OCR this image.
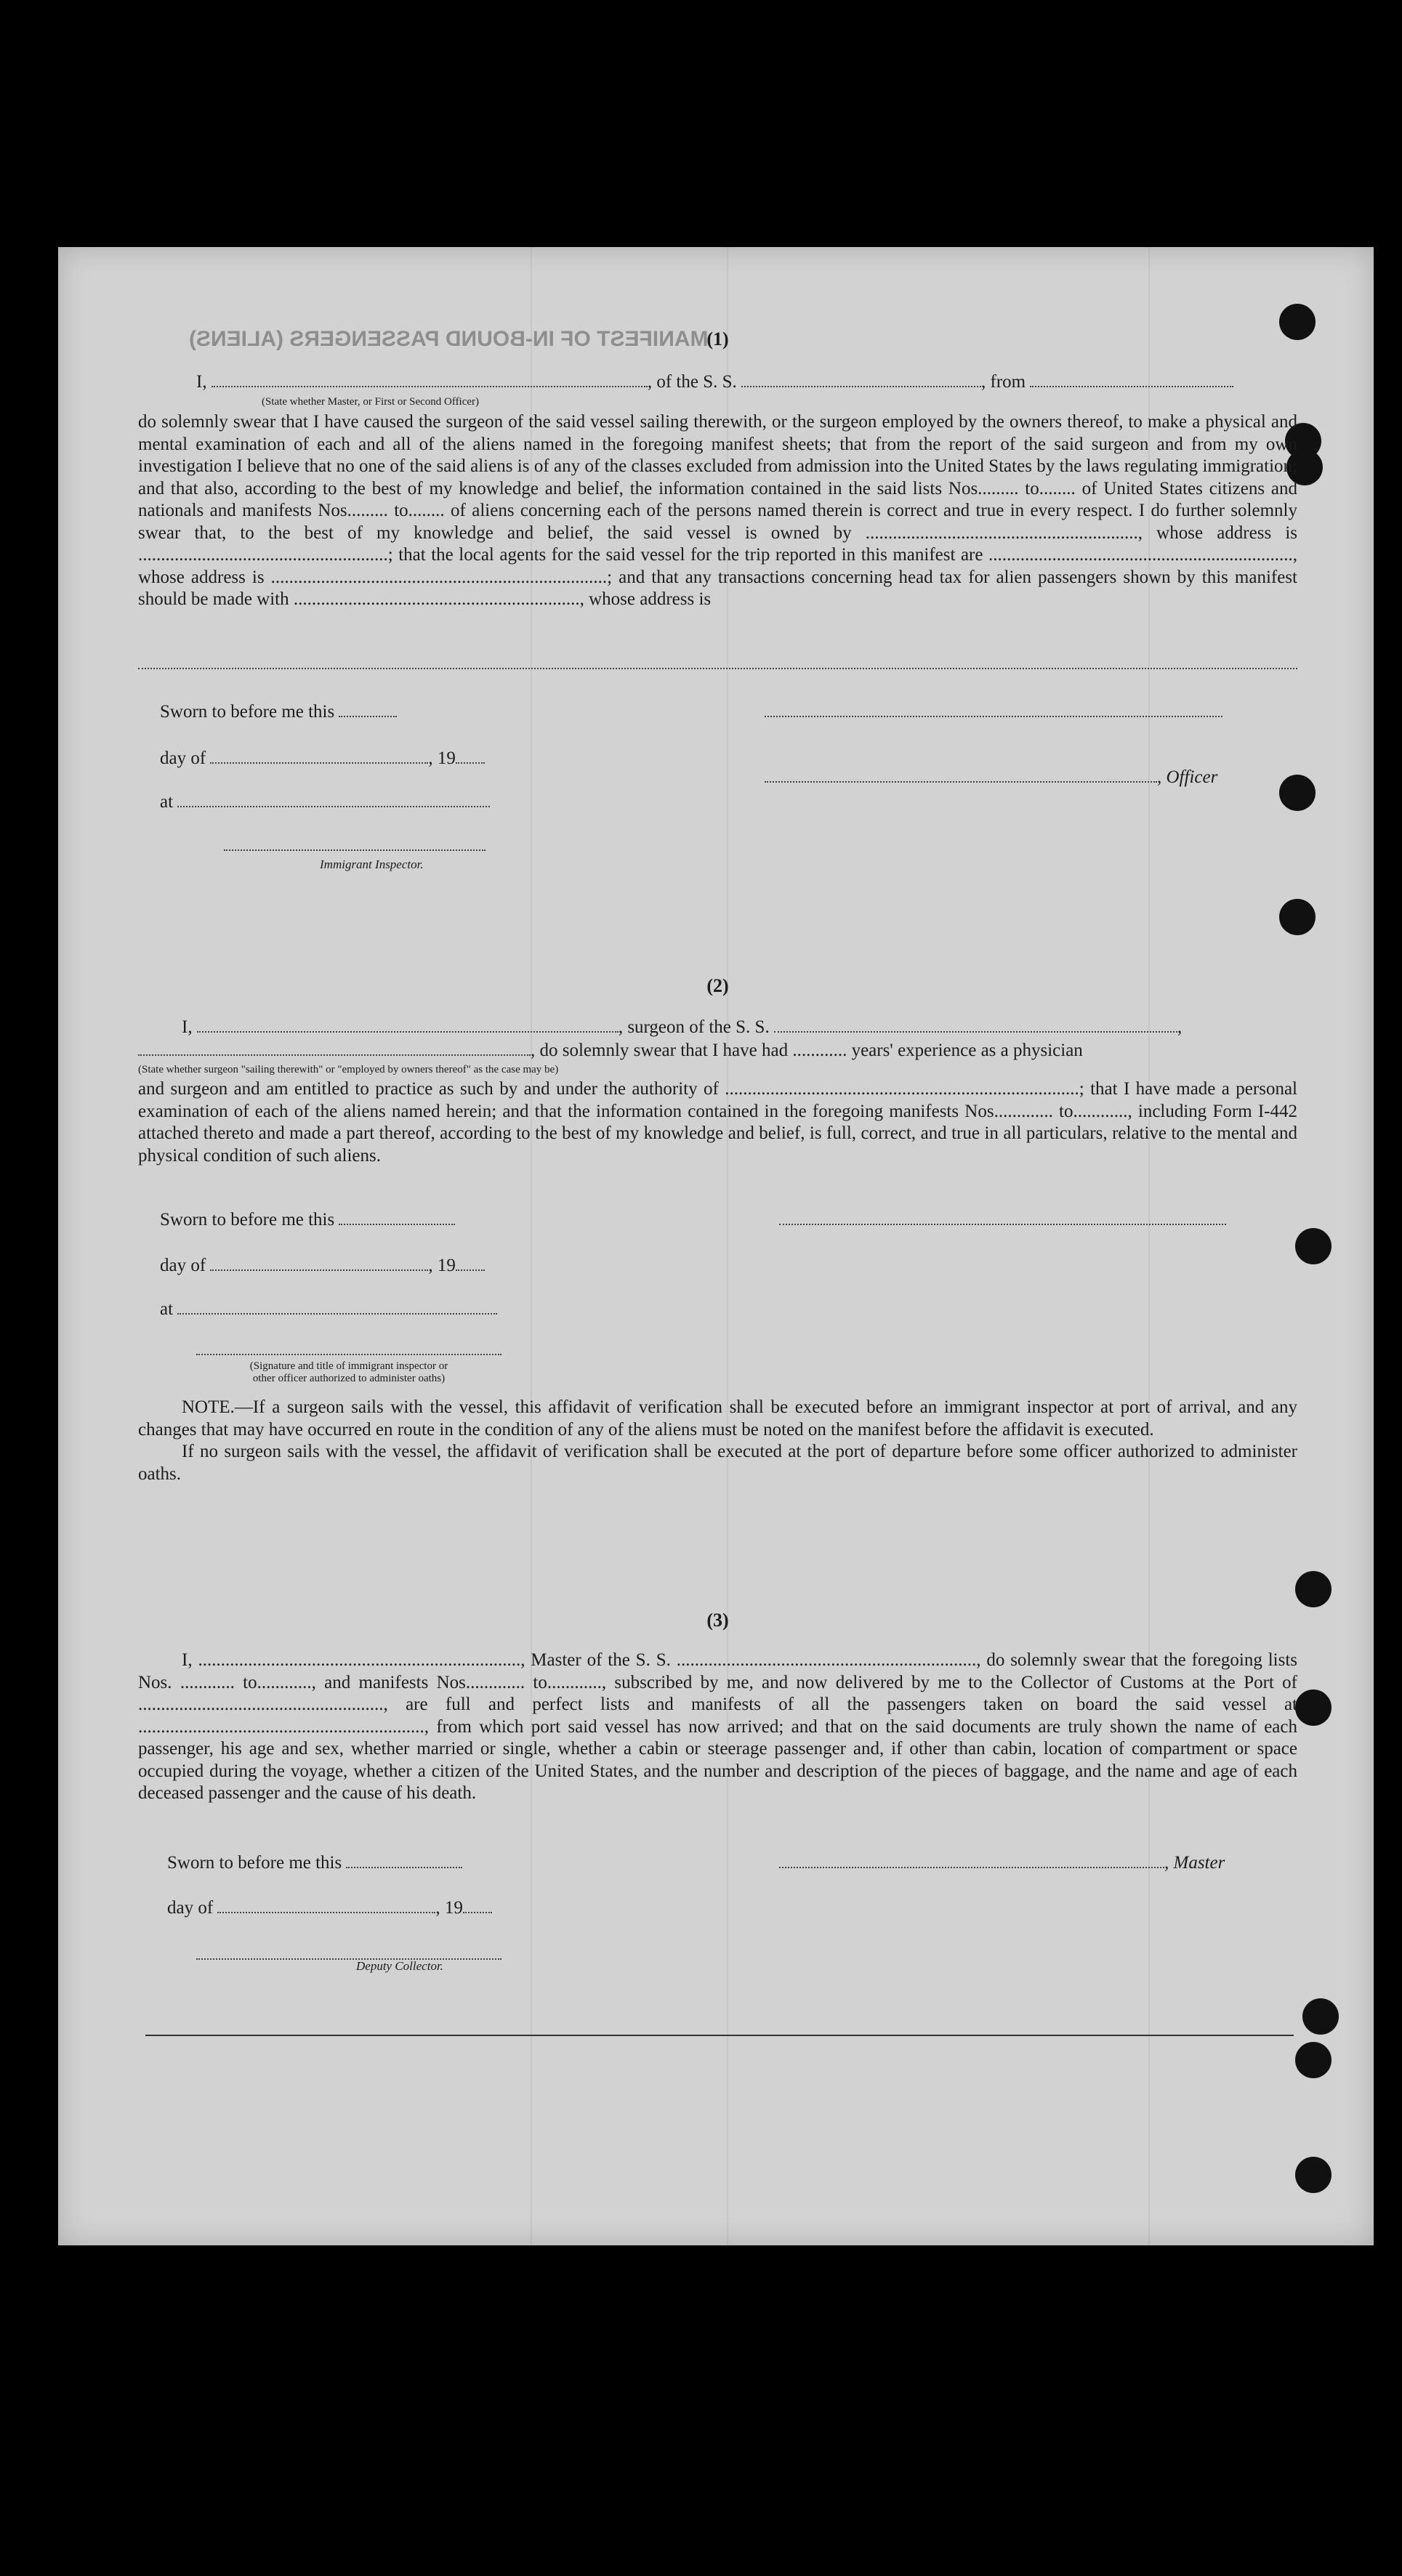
MANIFEST OF IN-BOUND PASSENGERS (ALIENS)

(1)

I,	, of the S. S.	, from
(State whether Master, or First or Second Officer)

do solemnly swear that I have caused the surgeon of the said vessel sailing therewith, or the surgeon employed by the owners thereof, to make a physical and mental examination of each and all of the aliens named in the foregoing manifest sheets; that from the report of the said surgeon and from my own investigation I believe that no one of the said aliens is of any of the classes excluded from admission into the United States by the laws regulating immigration; and that also, according to the best of my knowledge and belief, the information contained in the said lists Nos......... to........ of United States citizens and nationals and manifests Nos......... to........ of aliens concerning each of the persons named therein is correct and true in every respect. I do further solemnly swear that, to the best of my knowledge and belief, the said vessel is owned by ............................................................, whose address is .......................................................; that the local agents for the said vessel for the trip reported in this manifest are ..................................................................., whose address is ..........................................................................; and that any transactions concerning head tax for alien passengers shown by this manifest should be made with ..............................................................., whose address is

Sworn to before me this
day of	, 19
, Officer
at
Immigrant Inspector.

(2)

I,	, surgeon of the S. S.	,
, do solemnly swear that I have had ............ years' experience as a physician
(State whether surgeon "sailing therewith" or "employed by owners thereof" as the case may be)

and surgeon and am entitled to practice as such by and under the authority of ..............................................................................; that I have made a personal examination of each of the aliens named herein; and that the information contained in the foregoing manifests Nos............. to............, including Form I-442 attached thereto and made a part thereof, according to the best of my knowledge and belief, is full, correct, and true in all particulars, relative to the mental and physical condition of such aliens.

Sworn to before me this
day of	, 19
at
(Signature and title of immigrant inspector or
other officer authorized to administer oaths)

NOTE.—If a surgeon sails with the vessel, this affidavit of verification shall be executed before an immigrant inspector at port of arrival, and any changes that may have occurred en route in the condition of any of the aliens must be noted on the manifest before the affidavit is executed.

If no surgeon sails with the vessel, the affidavit of verification shall be executed at the port of departure before some officer authorized to administer oaths.

(3)

I, ......................................................................., Master of the S. S. .................................................................., do solemnly swear that the foregoing lists Nos. ............ to............, and manifests Nos............. to............, subscribed by me, and now delivered by me to the Collector of Customs at the Port of ......................................................, are full and perfect lists and manifests of all the passengers taken on board the said vessel at ..............................................................., from which port said vessel has now arrived; and that on the said documents are truly shown the name of each passenger, his age and sex, whether married or single, whether a cabin or steerage passenger and, if other than cabin, location of compartment or space occupied during the voyage, whether a citizen of the United States, and the number and description of the pieces of baggage, and the name and age of each deceased passenger and the cause of his death.

Sworn to before me this	, Master
day of	, 19
Deputy Collector.
